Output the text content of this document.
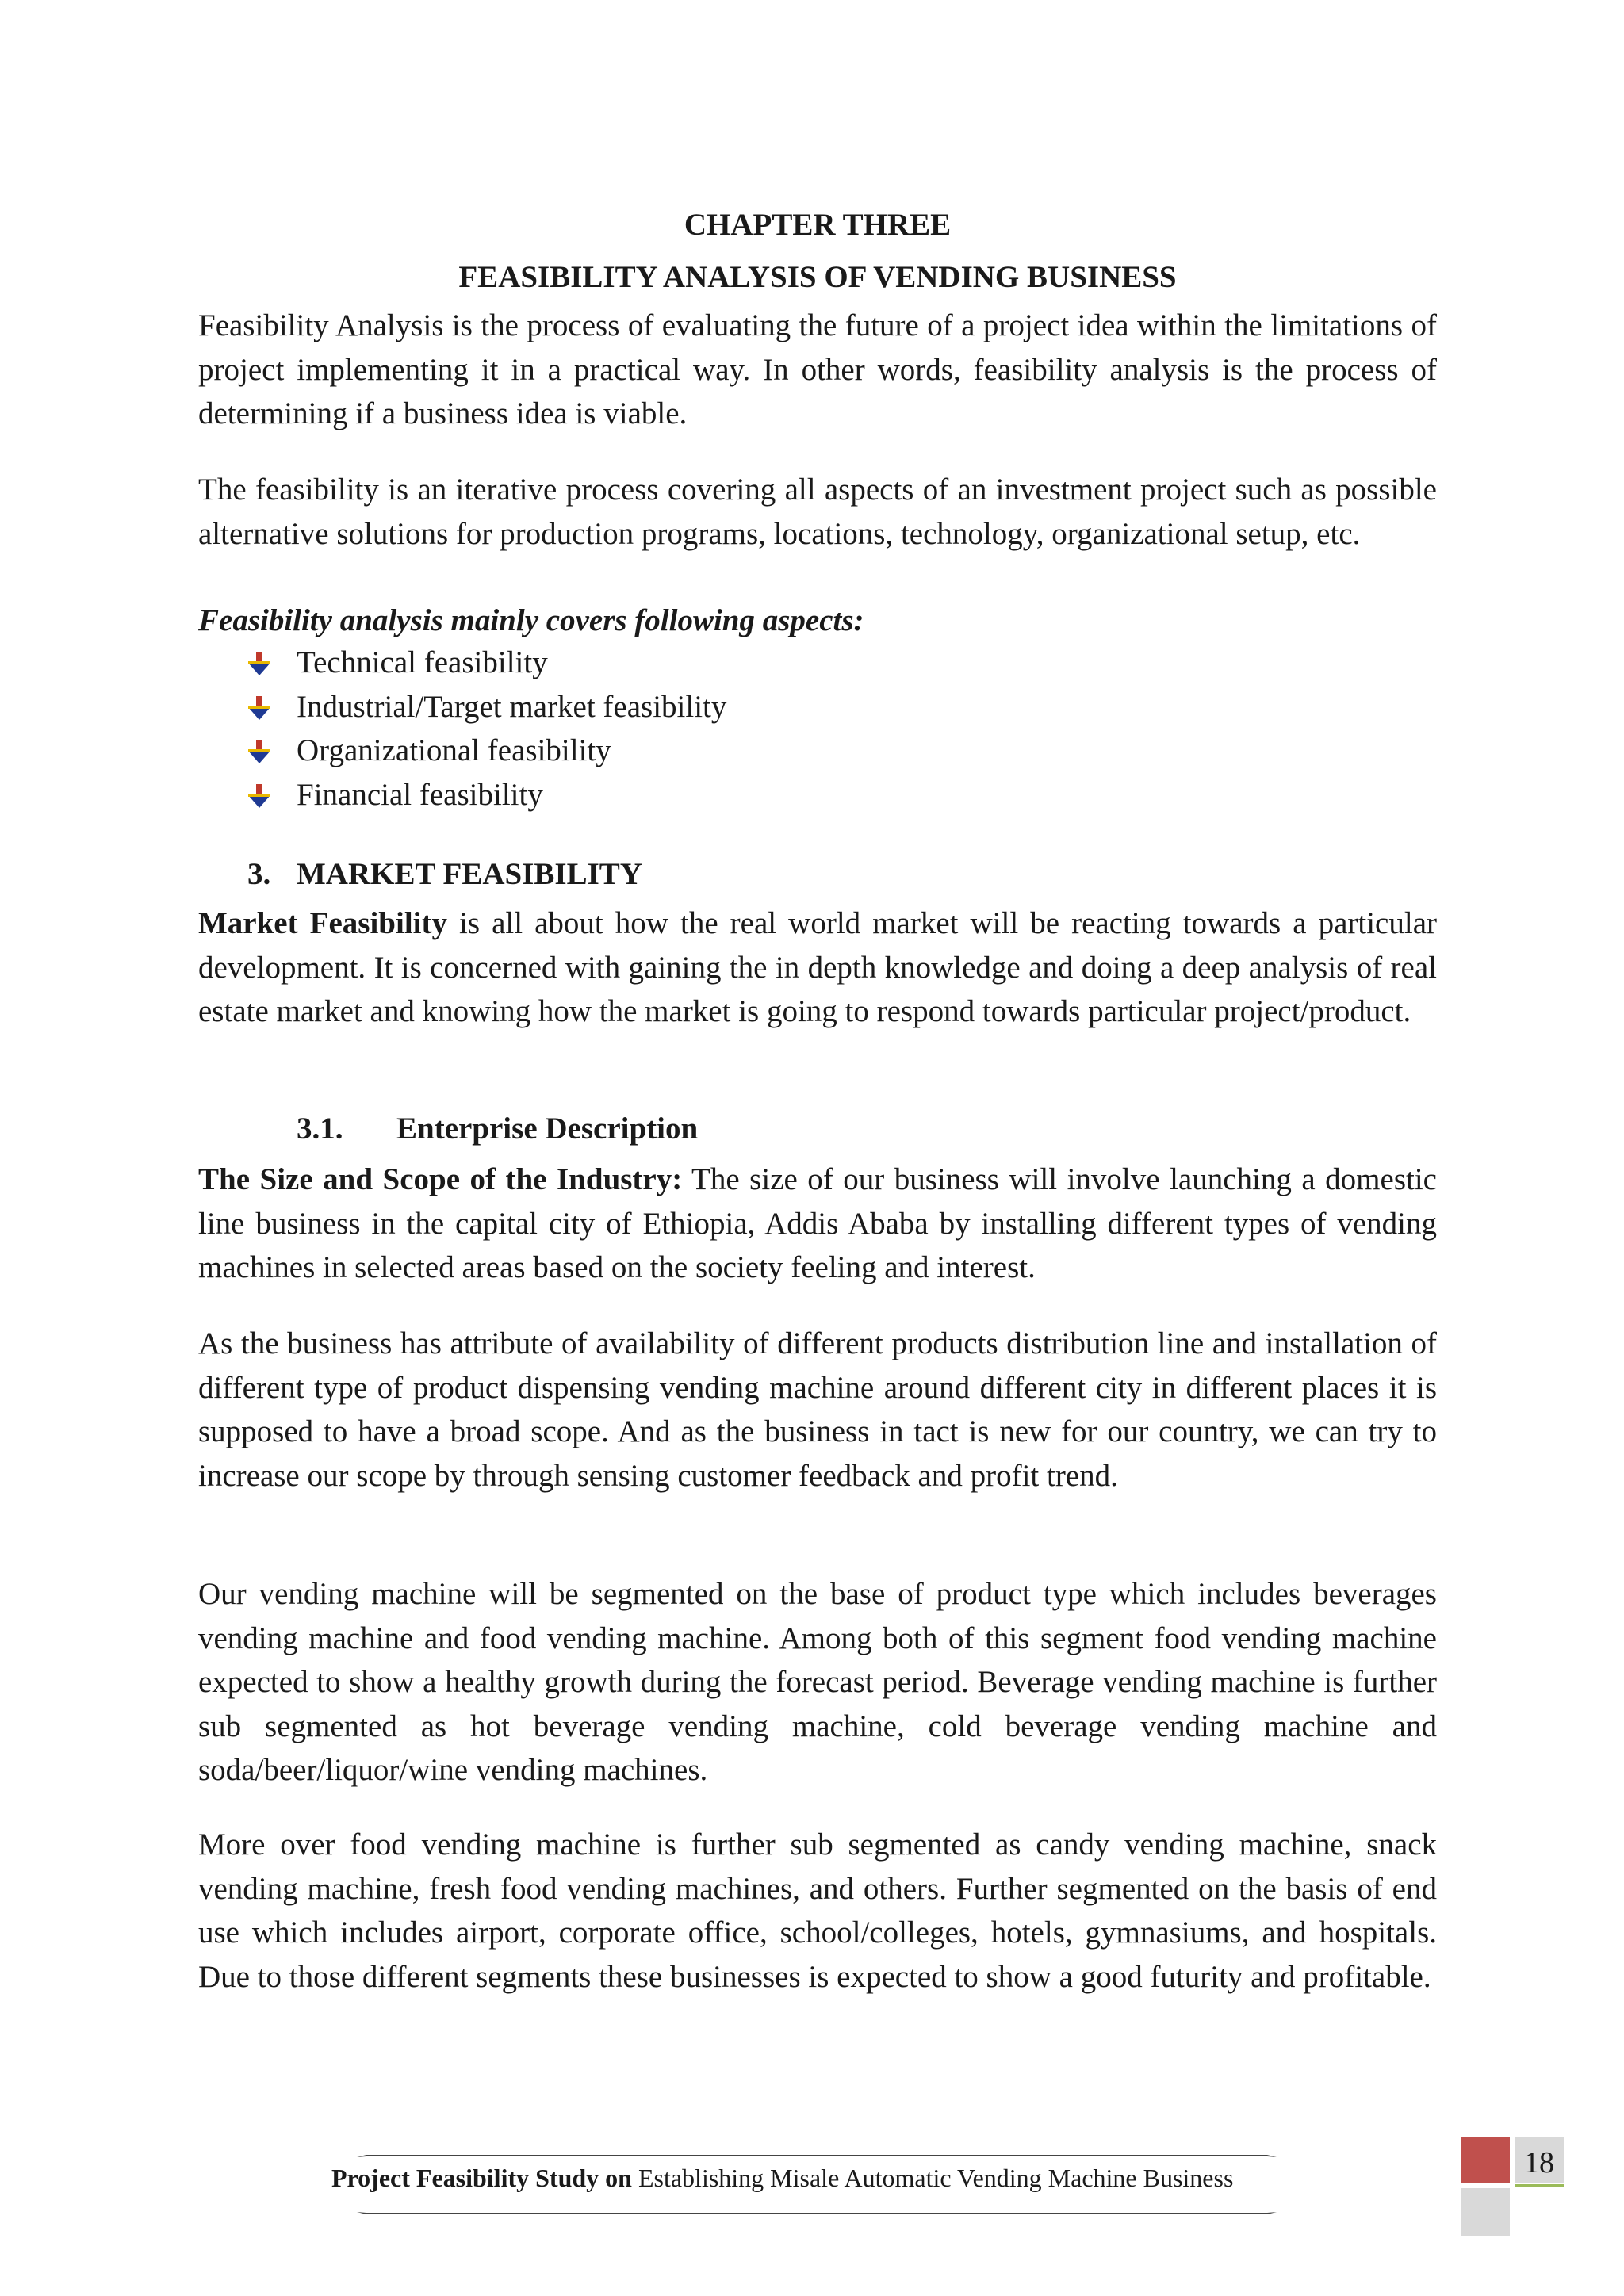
CHAPTER THREE
FEASIBILITY ANALYSIS OF VENDING BUSINESS
Feasibility Analysis is the process of evaluating the future of a project idea within the limitations of project implementing it in a practical way. In other words, feasibility analysis is the process of determining if a business idea is viable.
The feasibility is an iterative process covering all aspects of an investment project such as possible alternative solutions for production programs, locations, technology, organizational setup, etc.
Feasibility analysis mainly covers following aspects:
Technical feasibility
Industrial/Target market feasibility
Organizational feasibility
Financial feasibility
3. MARKET FEASIBILITY
Market Feasibility is all about how the real world market will be reacting towards a particular development. It is concerned with gaining the in depth knowledge and doing a deep analysis of real estate market and knowing how the market is going to respond towards particular project/product.
3.1. Enterprise Description
The Size and Scope of the Industry: The size of our business will involve launching a domestic line business in the capital city of Ethiopia, Addis Ababa by installing different types of vending machines in selected areas based on the society feeling and interest.
As the business has attribute of availability of different products distribution line and installation of different type of product dispensing vending machine around different city in different places it is supposed to have a broad scope. And as the business in tact is new for our country, we can try to increase our scope by through sensing customer feedback and profit trend.
Our vending machine will be segmented on the base of product type which includes beverages vending machine and food vending machine. Among both of this segment food vending machine expected to show a healthy growth during the forecast period. Beverage vending machine is further sub segmented as hot beverage vending machine, cold beverage vending machine and soda/beer/liquor/wine vending machines.
More over food vending machine is further sub segmented as candy vending machine, snack vending machine, fresh food vending machines, and others. Further segmented on the basis of end use which includes airport, corporate office, school/colleges, hotels, gymnasiums, and hospitals. Due to those different segments these businesses is expected to show a good futurity and profitable.
Project Feasibility Study on Establishing Misale Automatic Vending Machine Business	18
